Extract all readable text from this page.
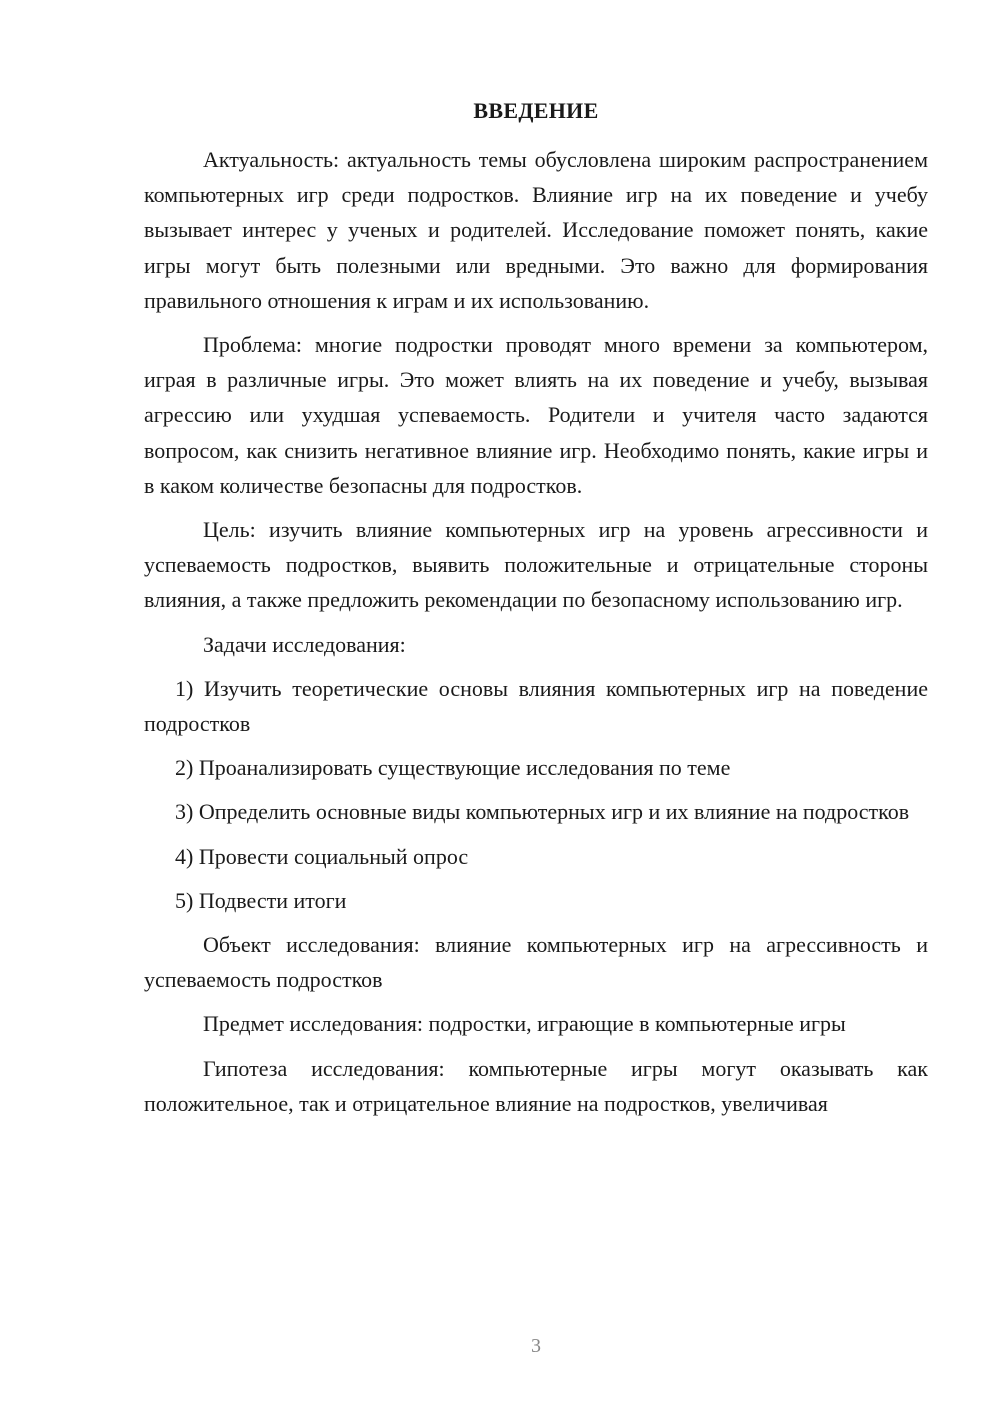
ВВЕДЕНИЕ

Актуальность: актуальность темы обусловлена широким распространением компьютерных игр среди подростков. Влияние игр на их поведение и учебу вызывает интерес у ученых и родителей. Исследование поможет понять, какие игры могут быть полезными или вредными. Это важно для формирования правильного отношения к играм и их использованию.

Проблема: многие подростки проводят много времени за компьютером, играя в различные игры. Это может влиять на их поведение и учебу, вызывая агрессию или ухудшая успеваемость. Родители и учителя часто задаются вопросом, как снизить негативное влияние игр. Необходимо понять, какие игры и в каком количестве безопасны для подростков.

Цель: изучить влияние компьютерных игр на уровень агрессивности и успеваемость подростков, выявить положительные и отрицательные стороны влияния, а также предложить рекомендации по безопасному использованию игр.

Задачи исследования:

1) Изучить теоретические основы влияния компьютерных игр на поведение подростков

2) Проанализировать существующие исследования по теме

3) Определить основные виды компьютерных игр и их влияние на подростков

4) Провести социальный опрос

5) Подвести итоги

Объект исследования: влияние компьютерных игр на агрессивность и успеваемость подростков

Предмет исследования: подростки, играющие в компьютерные игры

Гипотеза исследования: компьютерные игры могут оказывать как положительное, так и отрицательное влияние на подростков, увеличивая

3
